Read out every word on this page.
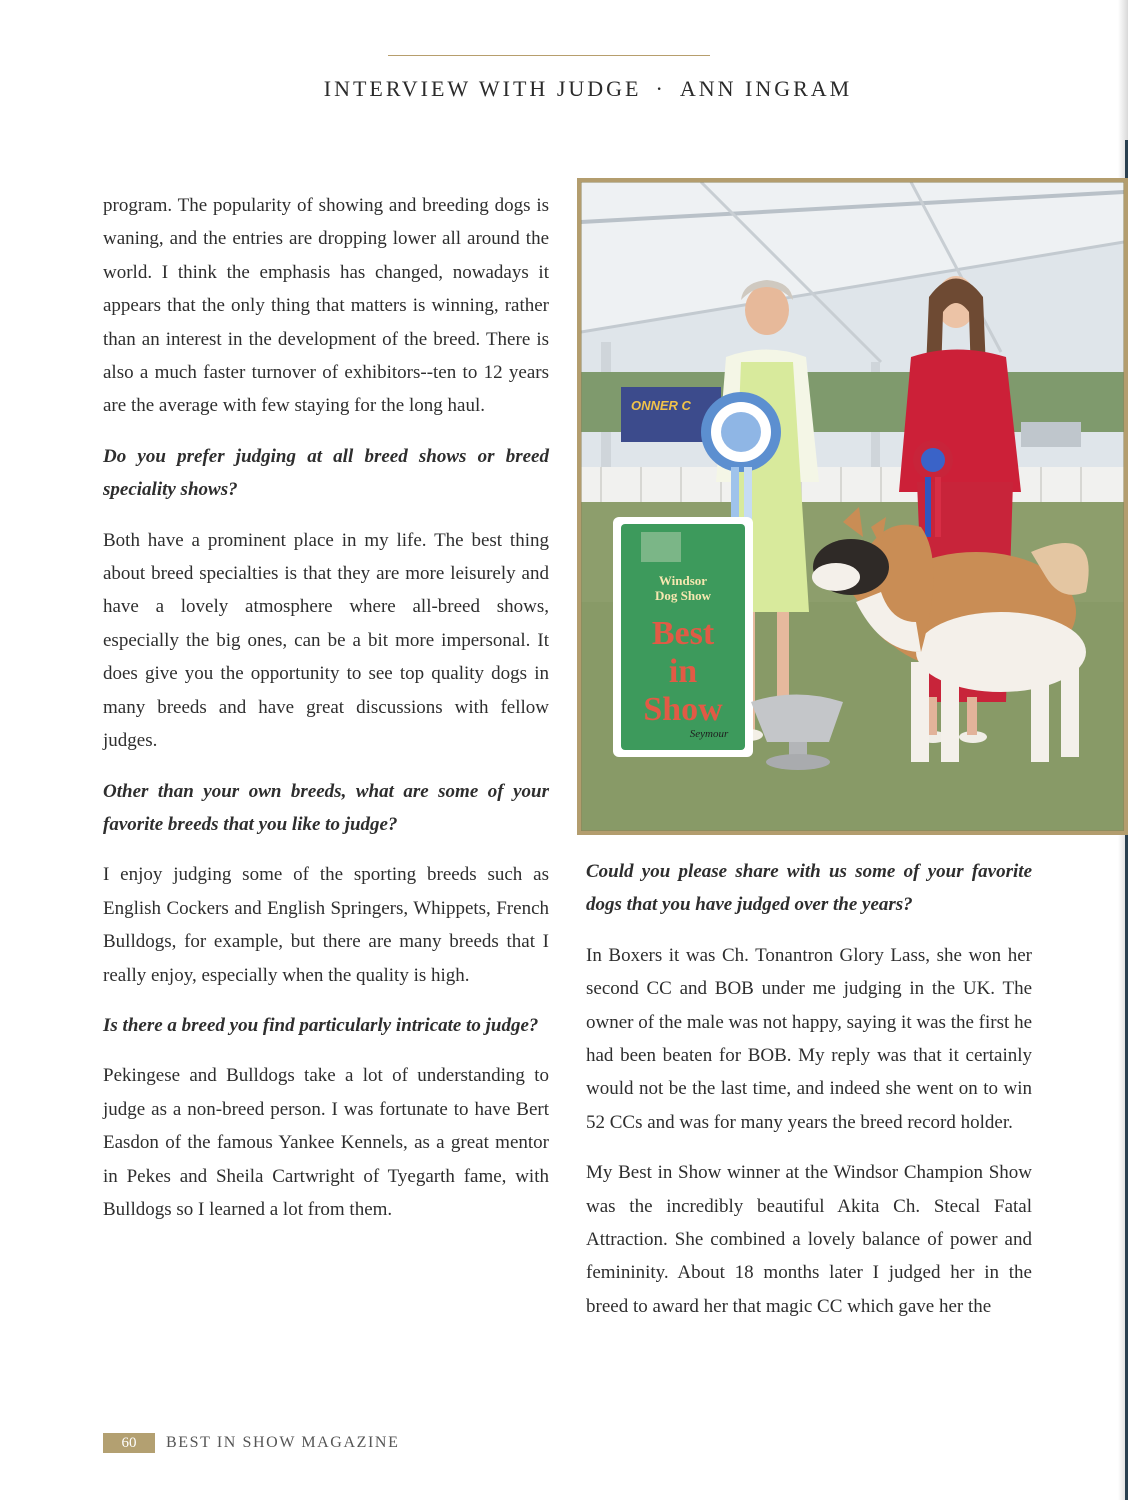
INTERVIEW WITH JUDGE · ANN INGRAM

program. The popularity of showing and breeding dogs is waning, and the entries are dropping lower all around the world. I think the emphasis has changed, nowadays it appears that the only thing that matters is winning, rather than an interest in the development of the breed. There is also a much faster turnover of exhibitors--ten to 12 years are the average with few staying for the long haul.

Do you prefer judging at all breed shows or breed speciality shows?

Both have a prominent place in my life. The best thing about breed specialties is that they are more leisurely and have a lovely atmosphere where all-breed shows, especially the big ones, can be a bit more impersonal. It does give you the opportunity to see top quality dogs in many breeds and have great discussions with fellow judges.

Other than your own breeds, what are some of your favorite breeds that you like to judge?

I enjoy judging some of the sporting breeds such as English Cockers and English Springers, Whippets, French Bulldogs, for example, but there are many breeds that I really enjoy, especially when the quality is high.

Is there a breed you find particularly intricate to judge?

Pekingese and Bulldogs take a lot of understanding to judge as a non-breed person. I was fortunate to have Bert Easdon of the famous Yankee Kennels, as a great mentor in Pekes and Sheila Cartwright of Tyegarth fame, with Bulldogs so I learned a lot from them.

ONNER C
Windsor
Dog Show
Best
in
Show
Seymour

Could you please share with us some of your favorite dogs that you have judged over the years?

In Boxers it was Ch. Tonantron Glory Lass, she won her second CC and BOB under me judging in the UK. The owner of the male was not happy, saying it was the first he had been beaten for BOB. My reply was that it certainly would not be the last time, and indeed she went on to win 52 CCs and was for many years the breed record holder.

My Best in Show winner at the Windsor Champion Show was the incredibly beautiful Akita Ch. Stecal Fatal Attraction. She combined a lovely balance of power and femininity. About 18 months later I judged her in the breed to award her that magic CC which gave her the

60	BEST IN SHOW MAGAZINE
